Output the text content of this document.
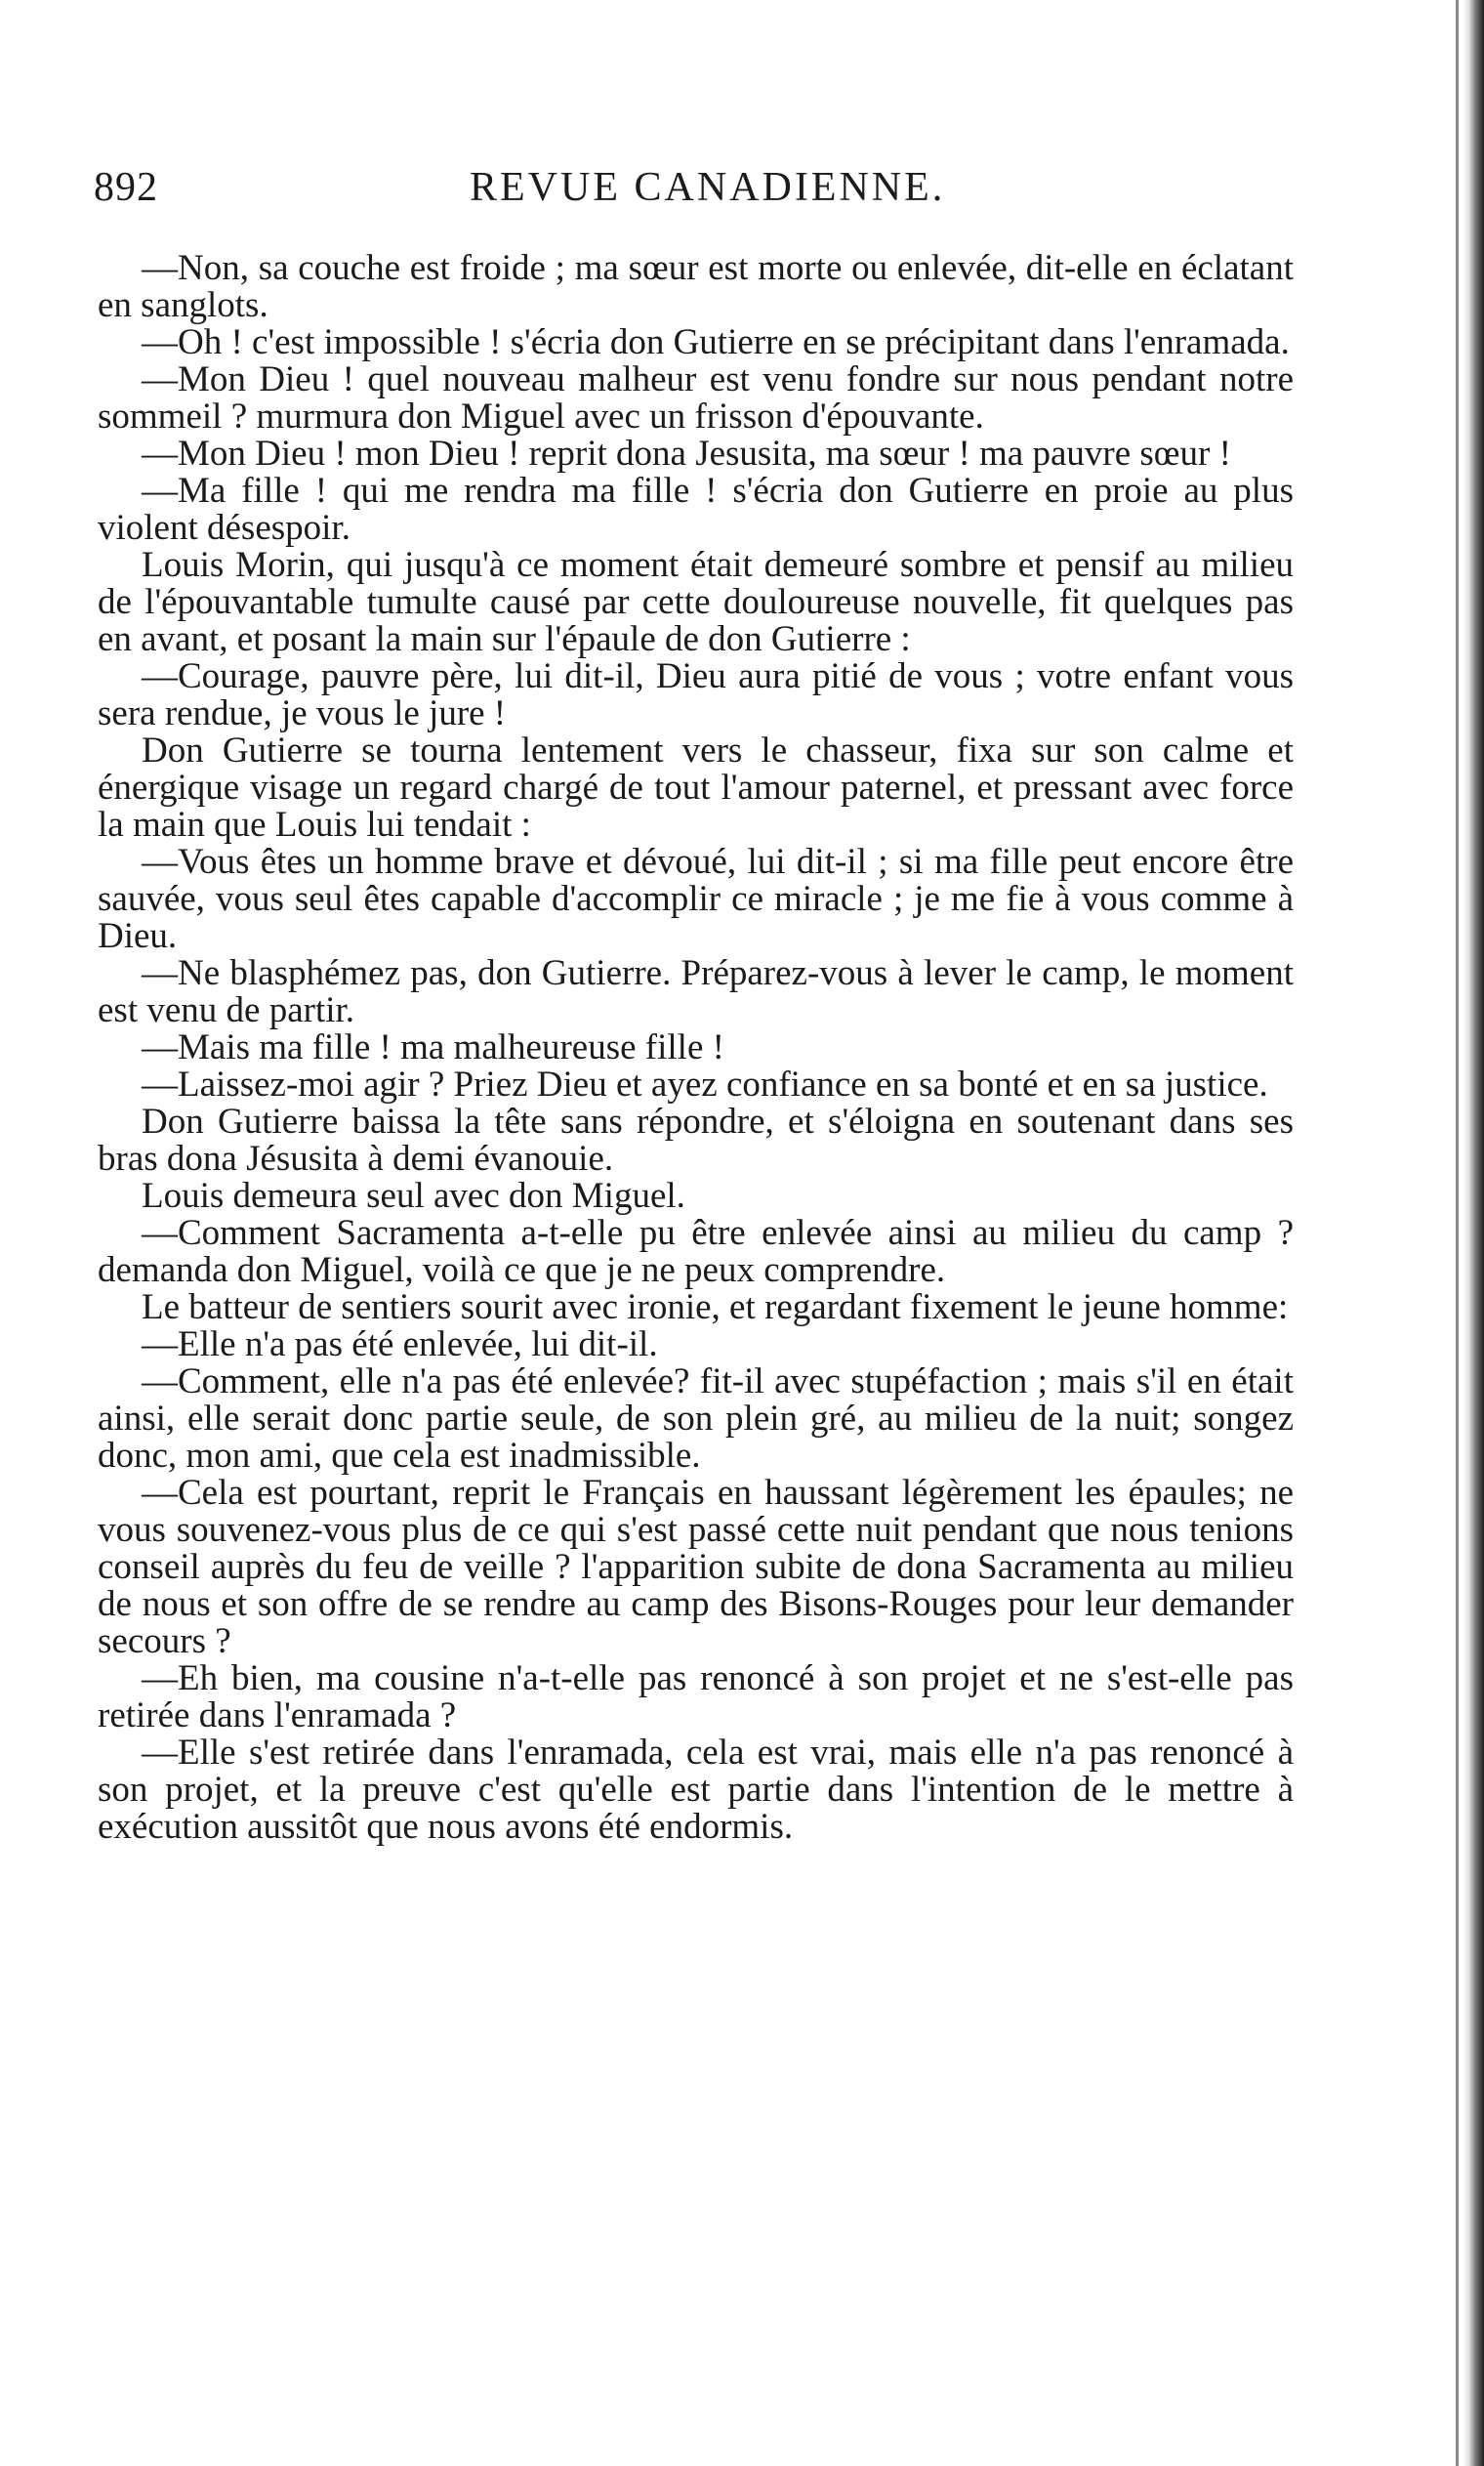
892	REVUE CANADIENNE.

—Non, sa couche est froide ; ma sœur est morte ou enlevée, dit-elle en éclatant en sanglots.

—Oh ! c'est impossible ! s'écria don Gutierre en se précipitant dans l'enramada.

—Mon Dieu ! quel nouveau malheur est venu fondre sur nous pendant notre sommeil ? murmura don Miguel avec un frisson d'épouvante.

—Mon Dieu ! mon Dieu ! reprit dona Jesusita, ma sœur ! ma pauvre sœur !

—Ma fille ! qui me rendra ma fille ! s'écria don Gutierre en proie au plus violent désespoir.

Louis Morin, qui jusqu'à ce moment était demeuré sombre et pensif au milieu de l'épouvantable tumulte causé par cette douloureuse nouvelle, fit quelques pas en avant, et posant la main sur l'épaule de don Gutierre :

—Courage, pauvre père, lui dit-il, Dieu aura pitié de vous ; votre enfant vous sera rendue, je vous le jure !

Don Gutierre se tourna lentement vers le chasseur, fixa sur son calme et énergique visage un regard chargé de tout l'amour paternel, et pressant avec force la main que Louis lui tendait :

—Vous êtes un homme brave et dévoué, lui dit-il ; si ma fille peut encore être sauvée, vous seul êtes capable d'accomplir ce miracle ; je me fie à vous comme à Dieu.

—Ne blasphémez pas, don Gutierre. Préparez-vous à lever le camp, le moment est venu de partir.

—Mais ma fille ! ma malheureuse fille !

—Laissez-moi agir ? Priez Dieu et ayez confiance en sa bonté et en sa justice.

Don Gutierre baissa la tête sans répondre, et s'éloigna en soutenant dans ses bras dona Jésusita à demi évanouie.

Louis demeura seul avec don Miguel.

—Comment Sacramenta a-t-elle pu être enlevée ainsi au milieu du camp ? demanda don Miguel, voilà ce que je ne peux comprendre.

Le batteur de sentiers sourit avec ironie, et regardant fixement le jeune homme:

—Elle n'a pas été enlevée, lui dit-il.

—Comment, elle n'a pas été enlevée? fit-il avec stupéfaction ; mais s'il en était ainsi, elle serait donc partie seule, de son plein gré, au milieu de la nuit; songez donc, mon ami, que cela est inadmissible.

—Cela est pourtant, reprit le Français en haussant légèrement les épaules; ne vous souvenez-vous plus de ce qui s'est passé cette nuit pendant que nous tenions conseil auprès du feu de veille ? l'apparition subite de dona Sacramenta au milieu de nous et son offre de se rendre au camp des Bisons-Rouges pour leur demander secours ?

—Eh bien, ma cousine n'a-t-elle pas renoncé à son projet et ne s'est-elle pas retirée dans l'enramada ?

—Elle s'est retirée dans l'enramada, cela est vrai, mais elle n'a pas renoncé à son projet, et la preuve c'est qu'elle est partie dans l'intention de le mettre à exécution aussitôt que nous avons été endormis.
